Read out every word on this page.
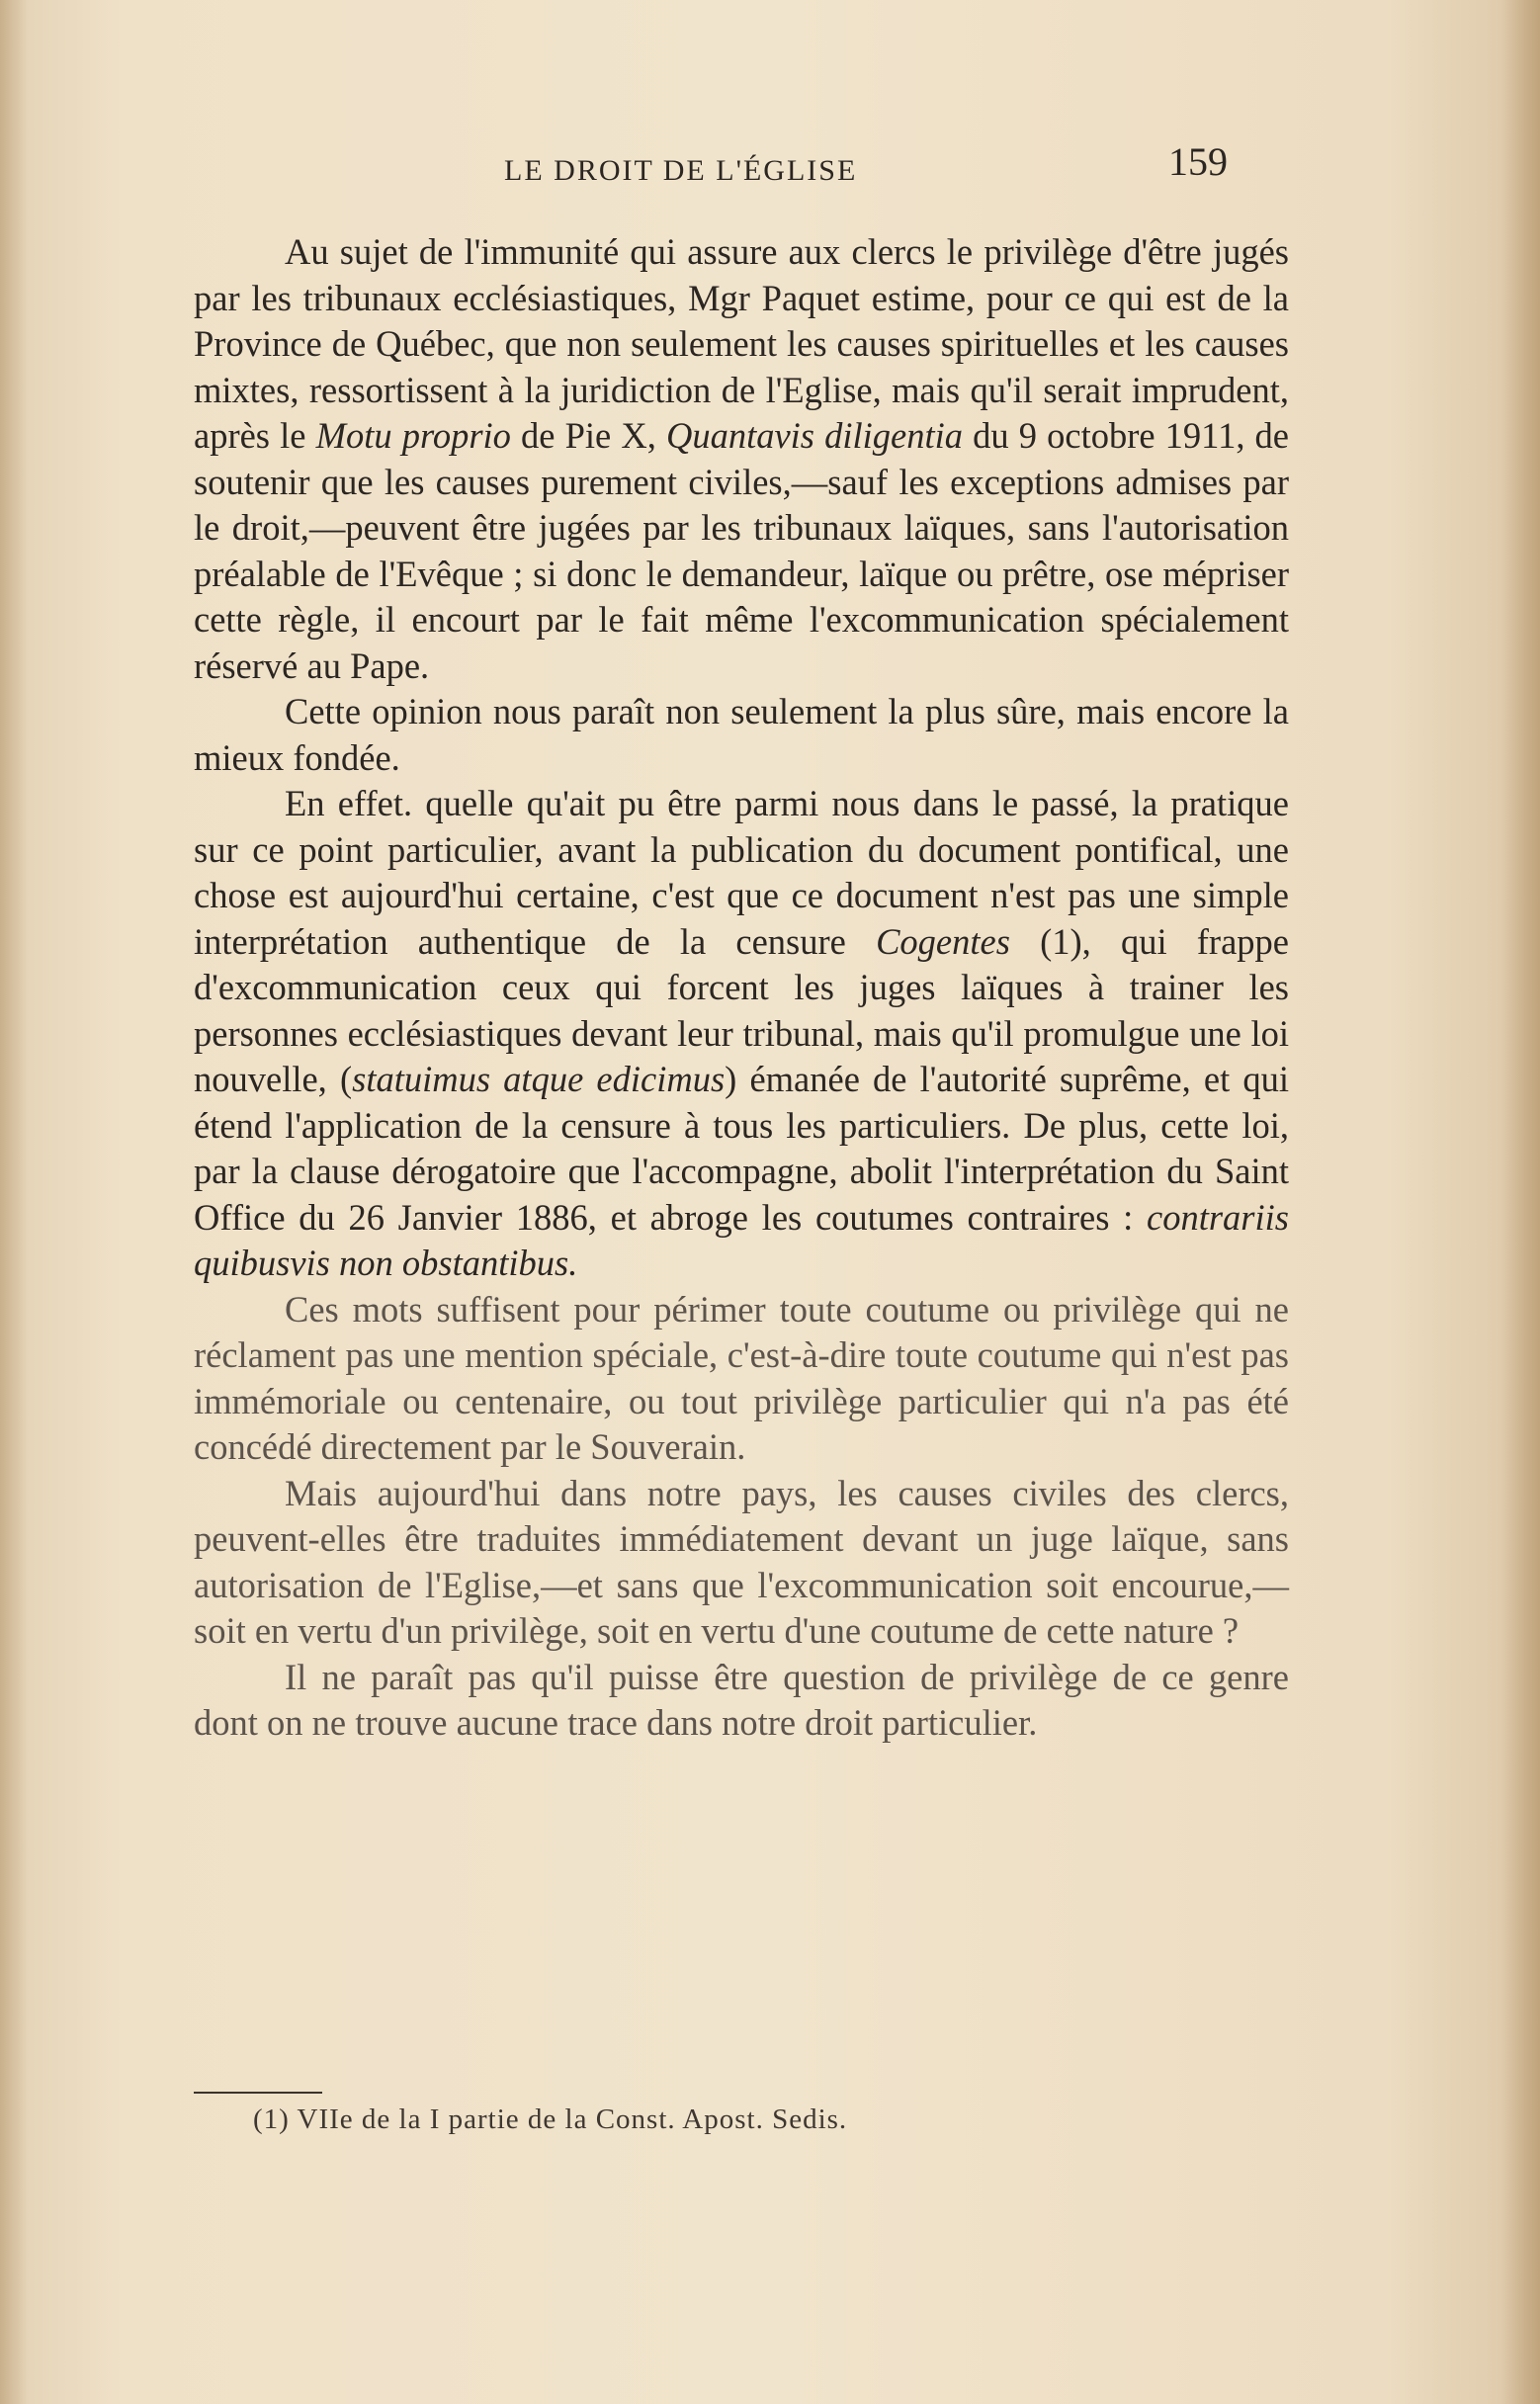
LE DROIT DE L'ÉGLISE	159

Au sujet de l'immunité qui assure aux clercs le privilège d'être jugés par les tribunaux ecclésiastiques, Mgr Paquet estime, pour ce qui est de la Province de Québec, que non seulement les causes spirituelles et les causes mixtes, ressortissent à la juridiction de l'Eglise, mais qu'il serait imprudent, après le Motu proprio de Pie X, Quantavis diligentia du 9 octobre 1911, de soutenir que les causes purement civiles,—sauf les exceptions admises par le droit,—peuvent être jugées par les tribunaux laïques, sans l'autorisation préalable de l'Evêque ; si donc le demandeur, laïque ou prêtre, ose mépriser cette règle, il encourt par le fait même l'excommunication spécialement réservé au Pape.

Cette opinion nous paraît non seulement la plus sûre, mais encore la mieux fondée.

En effet. quelle qu'ait pu être parmi nous dans le passé, la pratique sur ce point particulier, avant la publication du document pontifical, une chose est aujourd'hui certaine, c'est que ce document n'est pas une simple interprétation authentique de la censure Cogentes (1), qui frappe d'excommunication ceux qui forcent les juges laïques à trainer les personnes ecclésiastiques devant leur tribunal, mais qu'il promulgue une loi nouvelle, (statuimus atque edicimus) émanée de l'autorité suprême, et qui étend l'application de la censure à tous les particuliers. De plus, cette loi, par la clause dérogatoire que l'accompagne, abolit l'interprétation du Saint Office du 26 Janvier 1886, et abroge les coutumes contraires : contrariis quibusvis non obstantibus.

Ces mots suffisent pour périmer toute coutume ou privilège qui ne réclament pas une mention spéciale, c'est-à-dire toute coutume qui n'est pas immémoriale ou centenaire, ou tout privilège particulier qui n'a pas été concédé directement par le Souverain.

Mais aujourd'hui dans notre pays, les causes civiles des clercs, peuvent-elles être traduites immédiatement devant un juge laïque, sans autorisation de l'Eglise,—et sans que l'excommunication soit encourue,—soit en vertu d'un privilège, soit en vertu d'une coutume de cette nature ?

Il ne paraît pas qu'il puisse être question de privilège de ce genre dont on ne trouve aucune trace dans notre droit particulier.

(1) VIIe de la I partie de la Const. Apost. Sedis.
